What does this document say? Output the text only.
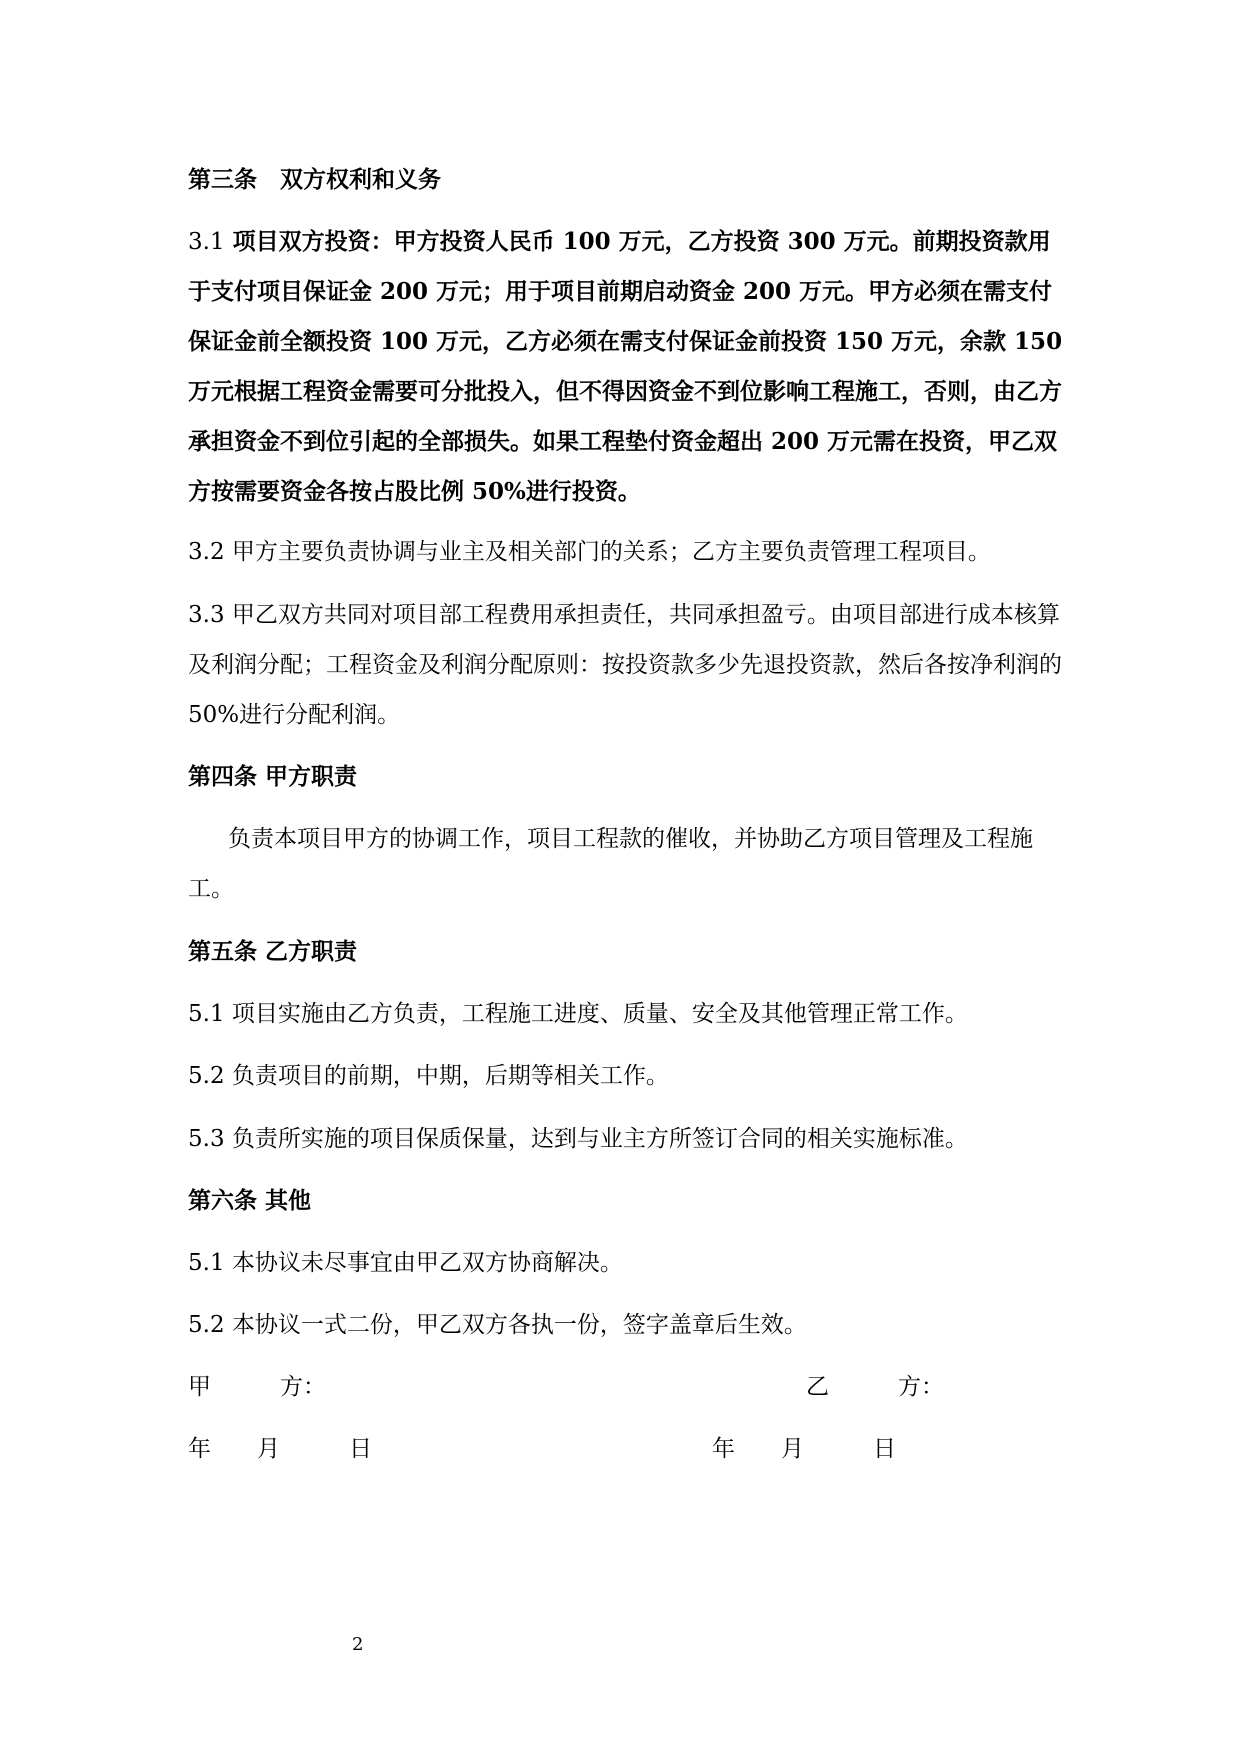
第三条　双方权利和义务

3.1 项目双方投资：甲方投资人民币 100 万元，乙方投资 300 万元。前期投资款用于支付项目保证金 200 万元；用于项目前期启动资金 200 万元。甲方必须在需支付保证金前全额投资 100 万元，乙方必须在需支付保证金前投资 150 万元，余款 150 万元根据工程资金需要可分批投入，但不得因资金不到位影响工程施工，否则，由乙方承担资金不到位引起的全部损失。如果工程垫付资金超出 200 万元需在投资，甲乙双方按需要资金各按占股比例 50%进行投资。

3.2 甲方主要负责协调与业主及相关部门的关系；乙方主要负责管理工程项目。

3.3 甲乙双方共同对项目部工程费用承担责任，共同承担盈亏。由项目部进行成本核算及利润分配；工程资金及利润分配原则：按投资款多少先退投资款，然后各按净利润的 50%进行分配利润。

第四条 甲方职责

负责本项目甲方的协调工作，项目工程款的催收，并协助乙方项目管理及工程施工。

第五条 乙方职责

5.1 项目实施由乙方负责，工程施工进度、质量、安全及其他管理正常工作。

5.2 负责项目的前期，中期，后期等相关工作。

5.3 负责所实施的项目保质保量，达到与业主方所签订合同的相关实施标准。

第六条 其他

5.1 本协议未尽事宜由甲乙双方协商解决。

5.2 本协议一式二份，甲乙双方各执一份，签字盖章后生效。

甲　　　方：	乙　　　方：
年　　月　　　日	年　　月　　　日
2
